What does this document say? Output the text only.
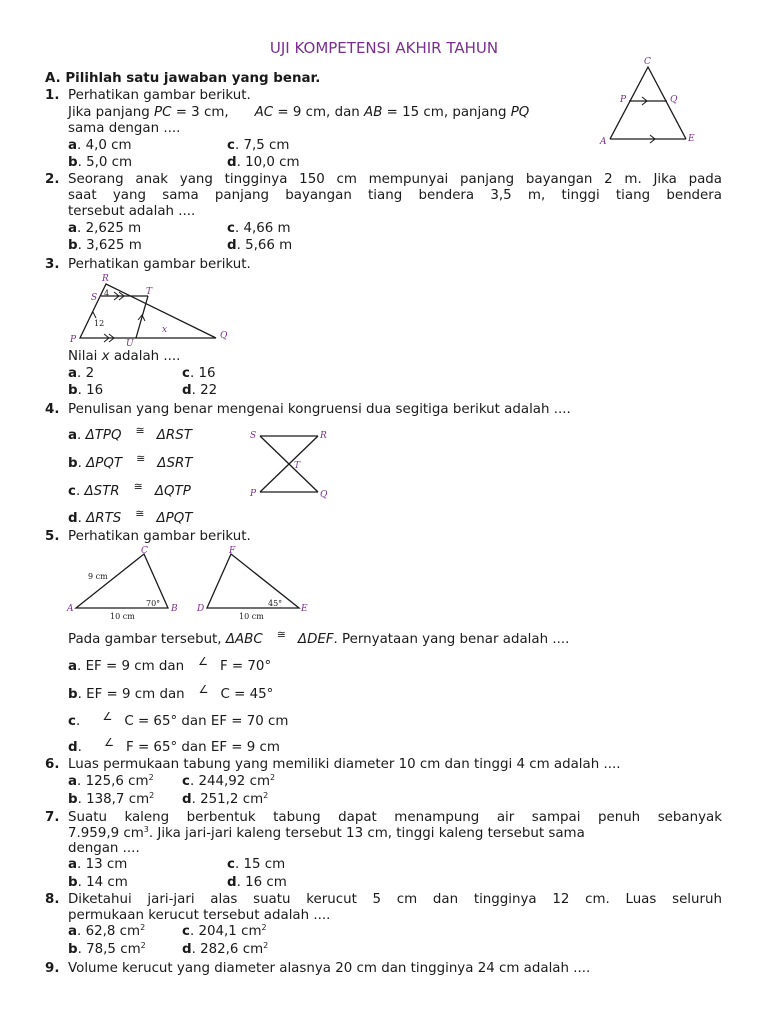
UJI KOMPETENSI AKHIR TAHUN
A. Pilihlah satu jawaban yang benar.
1. Perhatikan gambar berikut.
Jika panjang PC = 3 cm, AC = 9 cm, dan AB = 15 cm, panjang PQ
sama dengan ....
a. 4,0 cm	c. 7,5 cm
b. 5,0 cm	d. 10,0 cm
C
P	Q
A	E
2. Seorang anak yang tingginya 150 cm mempunyai panjang bayangan 2 m. Jika pada
saat yang sama panjang bayangan tiang bendera 3,5 m, tinggi tiang bendera
tersebut adalah ....
a. 2,625 m	c. 4,66 m
b. 3,625 m	d. 5,66 m
3. Perhatikan gambar berikut.
R
S
T
P	U
Q
x
4
12
Nilai x adalah ....
a. 2	c. 16
b. 16	d. 22
4. Penulisan yang benar mengenai kongruensi dua segitiga berikut adalah ....
a. ΔTPQ ≅ ΔRST
b. ΔPQT ≅ ΔSRT
c. ΔSTR ≅ ΔQTP
d. ΔRTS ≅ ΔPQT
S	R
T
P	Q
5. Perhatikan gambar berikut.
C
A	B
9 cm
10 cm
70°
F
D	E
10 cm
45°
Pada gambar tersebut, ΔABC ≅ ΔDEF. Pernyataan yang benar adalah ....
a. EF = 9 cm dan ∠ F = 70°
b. EF = 9 cm dan ∠ C = 45°
c. ∠ C = 65° dan EF = 70 cm
d. ∠ F = 65° dan EF = 9 cm
6. Luas permukaan tabung yang memiliki diameter 10 cm dan tinggi 4 cm adalah ....
a. 125,6 $cm^2$ c. 244,92 $cm^2$
b. 138,7 $cm^2$ d. 251,2 $cm^2$
7. Suatu kaleng berbentuk tabung dapat menampung air sampai penuh sebanyak
7.959,9 $cm^3$. Jika jari-jari kaleng tersebut 13 cm, tinggi kaleng tersebut sama
dengan ....
a. 13 cm	c. 15 cm
b. 14 cm	d. 16 cm
8. Diketahui jari-jari alas suatu kerucut 5 cm dan tingginya 12 cm. Luas seluruh
permukaan kerucut tersebut adalah ....
a. 62,8 $cm^2$	c. 204,1 $cm^2$
b. 78,5 $cm^2$	d. 282,6 $cm^2$
9. Volume kerucut yang diameter alasnya 20 cm dan tingginya 24 cm adalah ....
